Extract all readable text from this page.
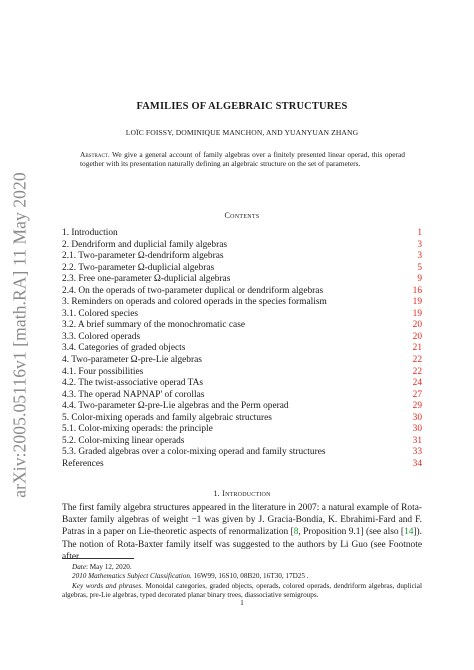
arXiv:2005.05116v1 [math.RA] 11 May 2020
FAMILIES OF ALGEBRAIC STRUCTURES
LOÏC FOISSY, DOMINIQUE MANCHON, AND YUANYUAN ZHANG
Abstract. We give a general account of family algebras over a finitely presented linear operad, this operad together with its presentation naturally defining an algebraic structure on the set of parameters.
Contents
1. Introduction	1
2. Dendriform and duplicial family algebras	3
2.1. Two-parameter Ω-dendriform algebras	3
2.2. Two-parameter Ω-duplicial algebras	5
2.3. Free one-parameter Ω-duplicial algebras	9
2.4. On the operads of two-parameter duplical or dendriform algebras	16
3. Reminders on operads and colored operads in the species formalism	19
3.1. Colored species	19
3.2. A brief summary of the monochromatic case	20
3.3. Colored operads	20
3.4. Categories of graded objects	21
4. Two-parameter Ω-pre-Lie algebras	22
4.1. Four possibilities	22
4.2. The twist-associative operad TAs	24
4.3. The operad NAPNAP' of corollas	27
4.4. Two-parameter Ω-pre-Lie algebras and the Perm operad	29
5. Color-mixing operads and family algebraic structures	30
5.1. Color-mixing operads: the principle	30
5.2. Color-mixing linear operads	31
5.3. Graded algebras over a color-mixing operad and family structures	33
References	34
1. Introduction
The first family algebra structures appeared in the literature in 2007: a natural example of Rota-Baxter family algebras of weight −1 was given by J. Gracia-Bondía, K. Ebrahimi-Fard and F. Patras in a paper on Lie-theoretic aspects of renormalization [8, Proposition 9.1] (see also [14]). The notion of Rota-Baxter family itself was suggested to the authors by Li Guo (see Footnote after

Date: May 12, 2020.

2010 Mathematics Subject Classification. 16W99, 16S10, 08B20, 16T30, 17D25 .

Key words and phrases. Monoidal categories, graded objects, operads, colored operads, dendriform algebras, duplicial algebras, pre-Lie algebras, typed decorated planar binary trees, diassociative semigroups.

1
